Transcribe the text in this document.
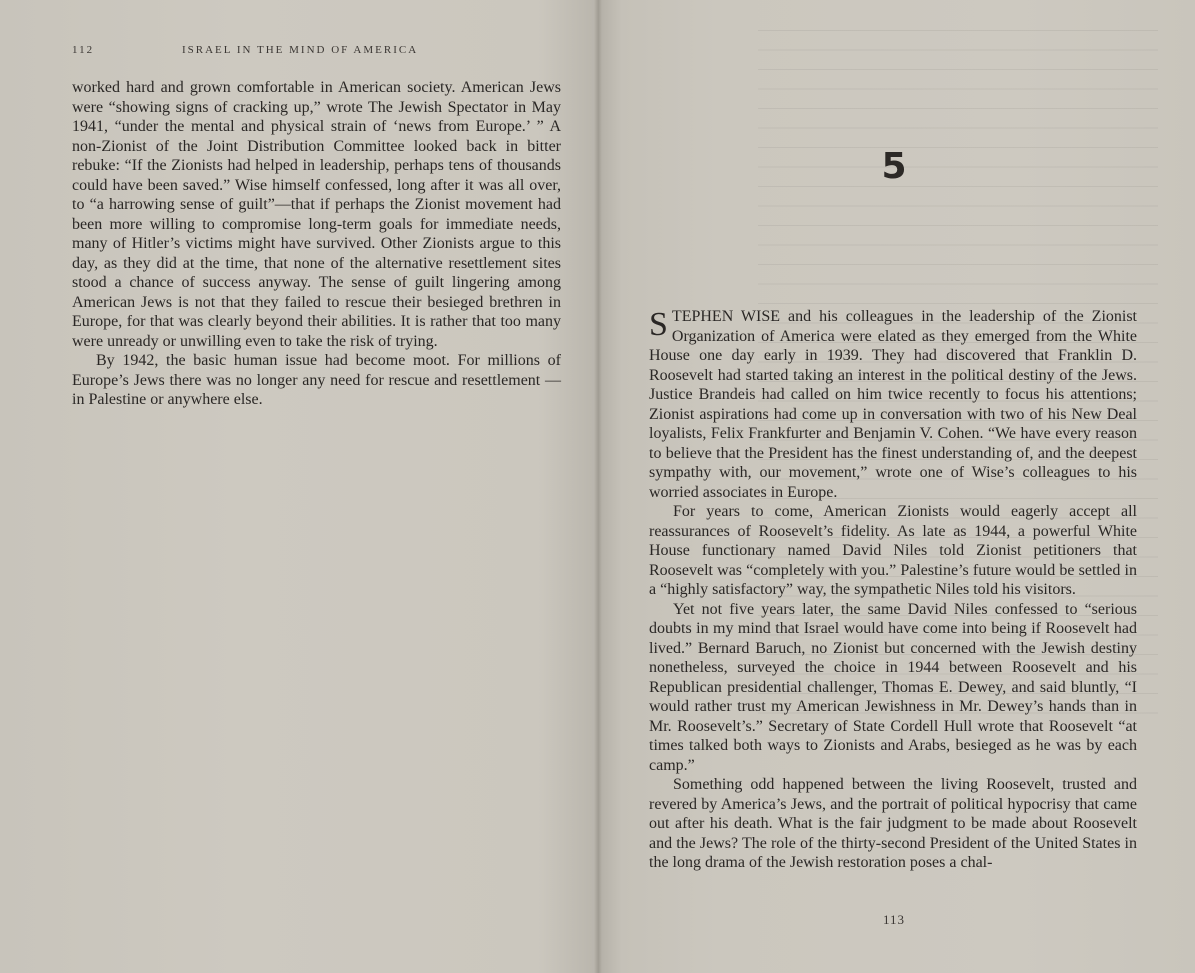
112	ISRAEL IN THE MIND OF AMERICA

worked hard and grown comfortable in American society. American Jews were “showing signs of cracking up,” wrote The Jewish Spectator in May 1941, “under the mental and physical strain of ‘news from Europe.’ ” A non-Zionist of the Joint Distribution Committee looked back in bitter rebuke: “If the Zionists had helped in leadership, perhaps tens of thousands could have been saved.” Wise himself confessed, long after it was all over, to “a harrowing sense of guilt”—that if perhaps the Zionist movement had been more willing to compromise long-term goals for immediate needs, many of Hitler’s victims might have survived. Other Zionists argue to this day, as they did at the time, that none of the alternative resettlement sites stood a chance of success anyway. The sense of guilt lingering among American Jews is not that they failed to rescue their besieged brethren in Europe, for that was clearly beyond their abilities. It is rather that too many were unready or unwilling even to take the risk of trying.

By 1942, the basic human issue had become moot. For millions of Europe’s Jews there was no longer any need for rescue and resettlement —in Palestine or anywhere else.

5

STEPHEN WISE and his colleagues in the leadership of the Zionist Organization of America were elated as they emerged from the White House one day early in 1939. They had discovered that Franklin D. Roosevelt had started taking an interest in the political destiny of the Jews. Justice Brandeis had called on him twice recently to focus his attentions; Zionist aspirations had come up in conversation with two of his New Deal loyalists, Felix Frankfurter and Benjamin V. Cohen. “We have every reason to believe that the President has the finest understanding of, and the deepest sympathy with, our movement,” wrote one of Wise’s colleagues to his worried associates in Europe.

For years to come, American Zionists would eagerly accept all reassurances of Roosevelt’s fidelity. As late as 1944, a powerful White House functionary named David Niles told Zionist petitioners that Roosevelt was “completely with you.” Palestine’s future would be settled in a “highly satisfactory” way, the sympathetic Niles told his visitors.

Yet not five years later, the same David Niles confessed to “serious doubts in my mind that Israel would have come into being if Roosevelt had lived.” Bernard Baruch, no Zionist but concerned with the Jewish destiny nonetheless, surveyed the choice in 1944 between Roosevelt and his Republican presidential challenger, Thomas E. Dewey, and said bluntly, “I would rather trust my American Jewishness in Mr. Dewey’s hands than in Mr. Roosevelt’s.” Secretary of State Cordell Hull wrote that Roosevelt “at times talked both ways to Zionists and Arabs, besieged as he was by each camp.”

Something odd happened between the living Roosevelt, trusted and revered by America’s Jews, and the portrait of political hypocrisy that came out after his death. What is the fair judgment to be made about Roosevelt and the Jews? The role of the thirty-second President of the United States in the long drama of the Jewish restoration poses a chal-

113
